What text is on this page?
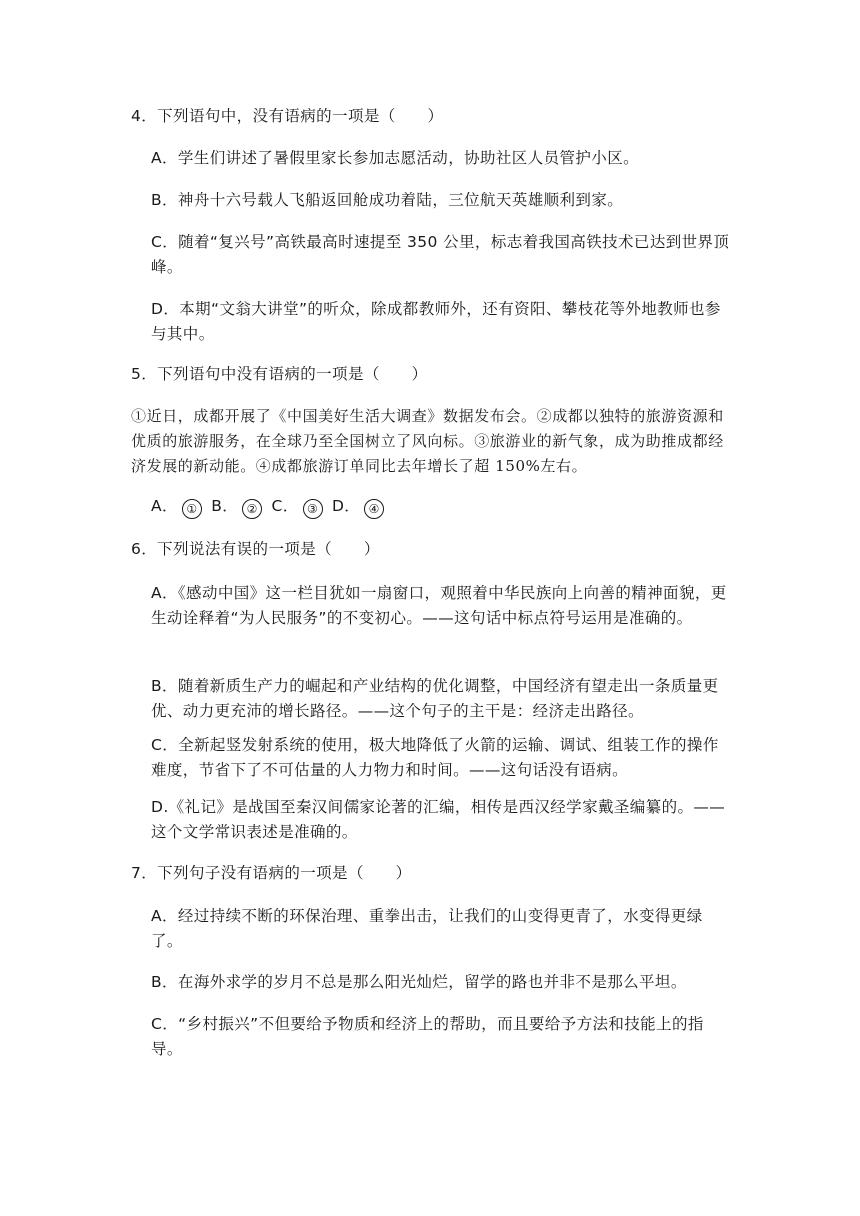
4．下列语句中，没有语病的一项是（　　）

A．学生们讲述了暑假里家长参加志愿活动，协助社区人员管护小区。

B．神舟十六号载人飞船返回舱成功着陆，三位航天英雄顺利到家。

C．随着“复兴号”高铁最高时速提至 350 公里，标志着我国高铁技术已达到世界顶峰。

D．本期“文翁大讲堂”的听众，除成都教师外，还有资阳、攀枝花等外地教师也参与其中。

5．下列语句中没有语病的一项是（　　）

①近日，成都开展了《中国美好生活大调查》数据发布会。②成都以独特的旅游资源和优质的旅游服务，在全球乃至全国树立了风向标。③旅游业的新气象，成为助推成都经济发展的新动能。④成都旅游订单同比去年增长了超 150%左右。

A． ① B． ② C． ③ D． ④

6．下列说法有误的一项是（　　）

A．《感动中国》这一栏目犹如一扇窗口，观照着中华民族向上向善的精神面貌，更生动诠释着“为人民服务”的不变初心。——这句话中标点符号运用是准确的。

B．随着新质生产力的崛起和产业结构的优化调整，中国经济有望走出一条质量更优、动力更充沛的增长路径。——这个句子的主干是：经济走出路径。

C．全新起竖发射系统的使用，极大地降低了火箭的运输、调试、组装工作的操作难度，节省下了不可估量的人力物力和时间。——这句话没有语病。

D.《礼记》是战国至秦汉间儒家论著的汇编，相传是西汉经学家戴圣编纂的。——这个文学常识表述是准确的。

7．下列句子没有语病的一项是（　　）

A．经过持续不断的环保治理、重拳出击，让我们的山变得更青了，水变得更绿了。

B．在海外求学的岁月不总是那么阳光灿烂，留学的路也并非不是那么平坦。

C．“乡村振兴”不但要给予物质和经济上的帮助，而且要给予方法和技能上的指导。
